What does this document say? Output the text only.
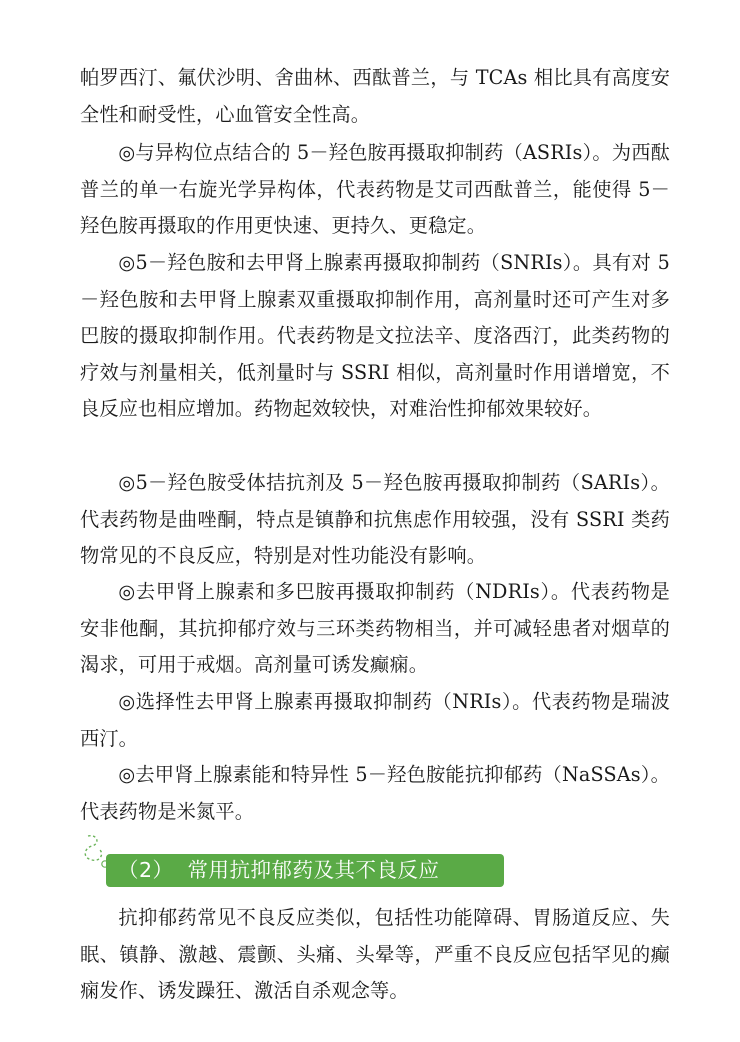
帕罗西汀、氟伏沙明、舍曲林、西酞普兰，与 TCAs 相比具有高度安全性和耐受性，心血管安全性高。

◎与异构位点结合的 5－羟色胺再摄取抑制药（ASRIs）。为西酞普兰的单一右旋光学异构体，代表药物是艾司西酞普兰，能使得 5－羟色胺再摄取的作用更快速、更持久、更稳定。

◎5－羟色胺和去甲肾上腺素再摄取抑制药（SNRIs）。具有对 5－羟色胺和去甲肾上腺素双重摄取抑制作用，高剂量时还可产生对多巴胺的摄取抑制作用。代表药物是文拉法辛、度洛西汀，此类药物的疗效与剂量相关，低剂量时与 SSRI 相似，高剂量时作用谱增宽，不良反应也相应增加。药物起效较快，对难治性抑郁效果较好。

◎5－羟色胺受体拮抗剂及 5－羟色胺再摄取抑制药（SARIs）。代表药物是曲唑酮，特点是镇静和抗焦虑作用较强，没有 SSRI 类药物常见的不良反应，特别是对性功能没有影响。

◎去甲肾上腺素和多巴胺再摄取抑制药（NDRIs）。代表药物是安非他酮，其抗抑郁疗效与三环类药物相当，并可减轻患者对烟草的渴求，可用于戒烟。高剂量可诱发癫痫。

◎选择性去甲肾上腺素再摄取抑制药（NRIs）。代表药物是瑞波西汀。

◎去甲肾上腺素能和特异性 5－羟色胺能抗抑郁药（NaSSAs）。代表药物是米氮平。

（2） 常用抗抑郁药及其不良反应

抗抑郁药常见不良反应类似，包括性功能障碍、胃肠道反应、失眠、镇静、激越、震颤、头痛、头晕等，严重不良反应包括罕见的癫痫发作、诱发躁狂、激活自杀观念等。
